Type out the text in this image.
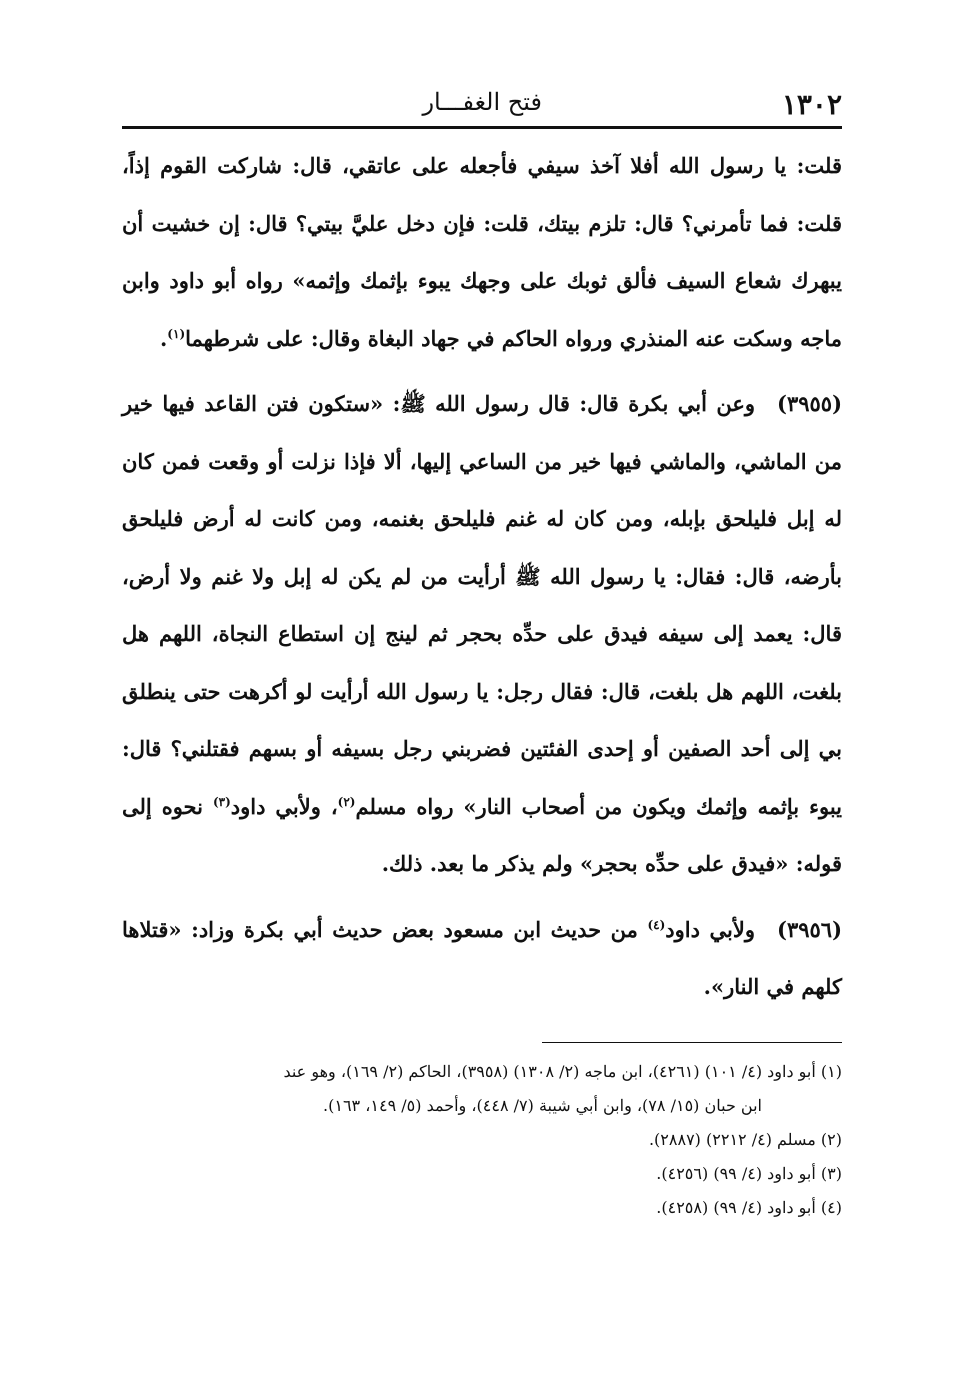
١٣٠٢
فتح الغفـــار

قلت: يا رسول الله أفلا آخذ سيفي فأجعله على عاتقي، قال: شاركت القوم إذاً، قلت: فما تأمرني؟ قال: تلزم بيتك، قلت: فإن دخل عليَّ بيتي؟ قال: إن خشيت أن يبهرك شعاع السيف فألق ثوبك على وجهك يبوء بإثمك وإثمه» رواه أبو داود وابن ماجه وسكت عنه المنذري ورواه الحاكم في جهاد البغاة وقال: على شرطهما$^{(١)}$.

(٣٩٥٥)وعن أبي بكرة قال: قال رسول الله ﷺ: «ستكون فتن القاعد فيها خير من الماشي، والماشي فيها خير من الساعي إليها، ألا فإذا نزلت أو وقعت فمن كان له إبل فليلحق بإبله، ومن كان له غنم فليلحق بغنمه، ومن كانت له أرض فليلحق بأرضه، قال: فقال: يا رسول الله ﷺ أرأيت من لم يكن له إبل ولا غنم ولا أرض، قال: يعمد إلى سيفه فيدق على حدِّه بحجر ثم لينج إن استطاع النجاة، اللهم هل بلغت، اللهم هل بلغت، قال: فقال رجل: يا رسول الله أرأيت لو أكرهت حتى ينطلق بي إلى أحد الصفين أو إحدى الفئتين فضربني رجل بسيفه أو بسهم فقتلني؟ قال: يبوء بإثمه وإثمك ويكون من أصحاب النار» رواه مسلم$^{(٢)}$، ولأبي داود$^{(٣)}$ نحوه إلى قوله: «فيدق على حدِّه بحجر» ولم يذكر ما بعد. ذلك.

(٣٩٥٦)ولأبي داود$^{(٤)}$ من حديث ابن مسعود بعض حديث أبي بكرة وزاد: «قتلاها كلهم في النار».

(١) أبو داود (٤/ ١٠١) (٤٢٦١)، ابن ماجه (٢/ ١٣٠٨) (٣٩٥٨)، الحاكم (٢/ ١٦٩)، وهو عند
ابن حبان (١٥/ ٧٨)، وابن أبي شيبة (٧/ ٤٤٨)، وأحمد (٥/ ١٤٩، ١٦٣).

(٢) مسلم (٤/ ٢٢١٢) (٢٨٨٧).

(٣) أبو داود (٤/ ٩٩) (٤٢٥٦).

(٤) أبو داود (٤/ ٩٩) (٤٢٥٨).
